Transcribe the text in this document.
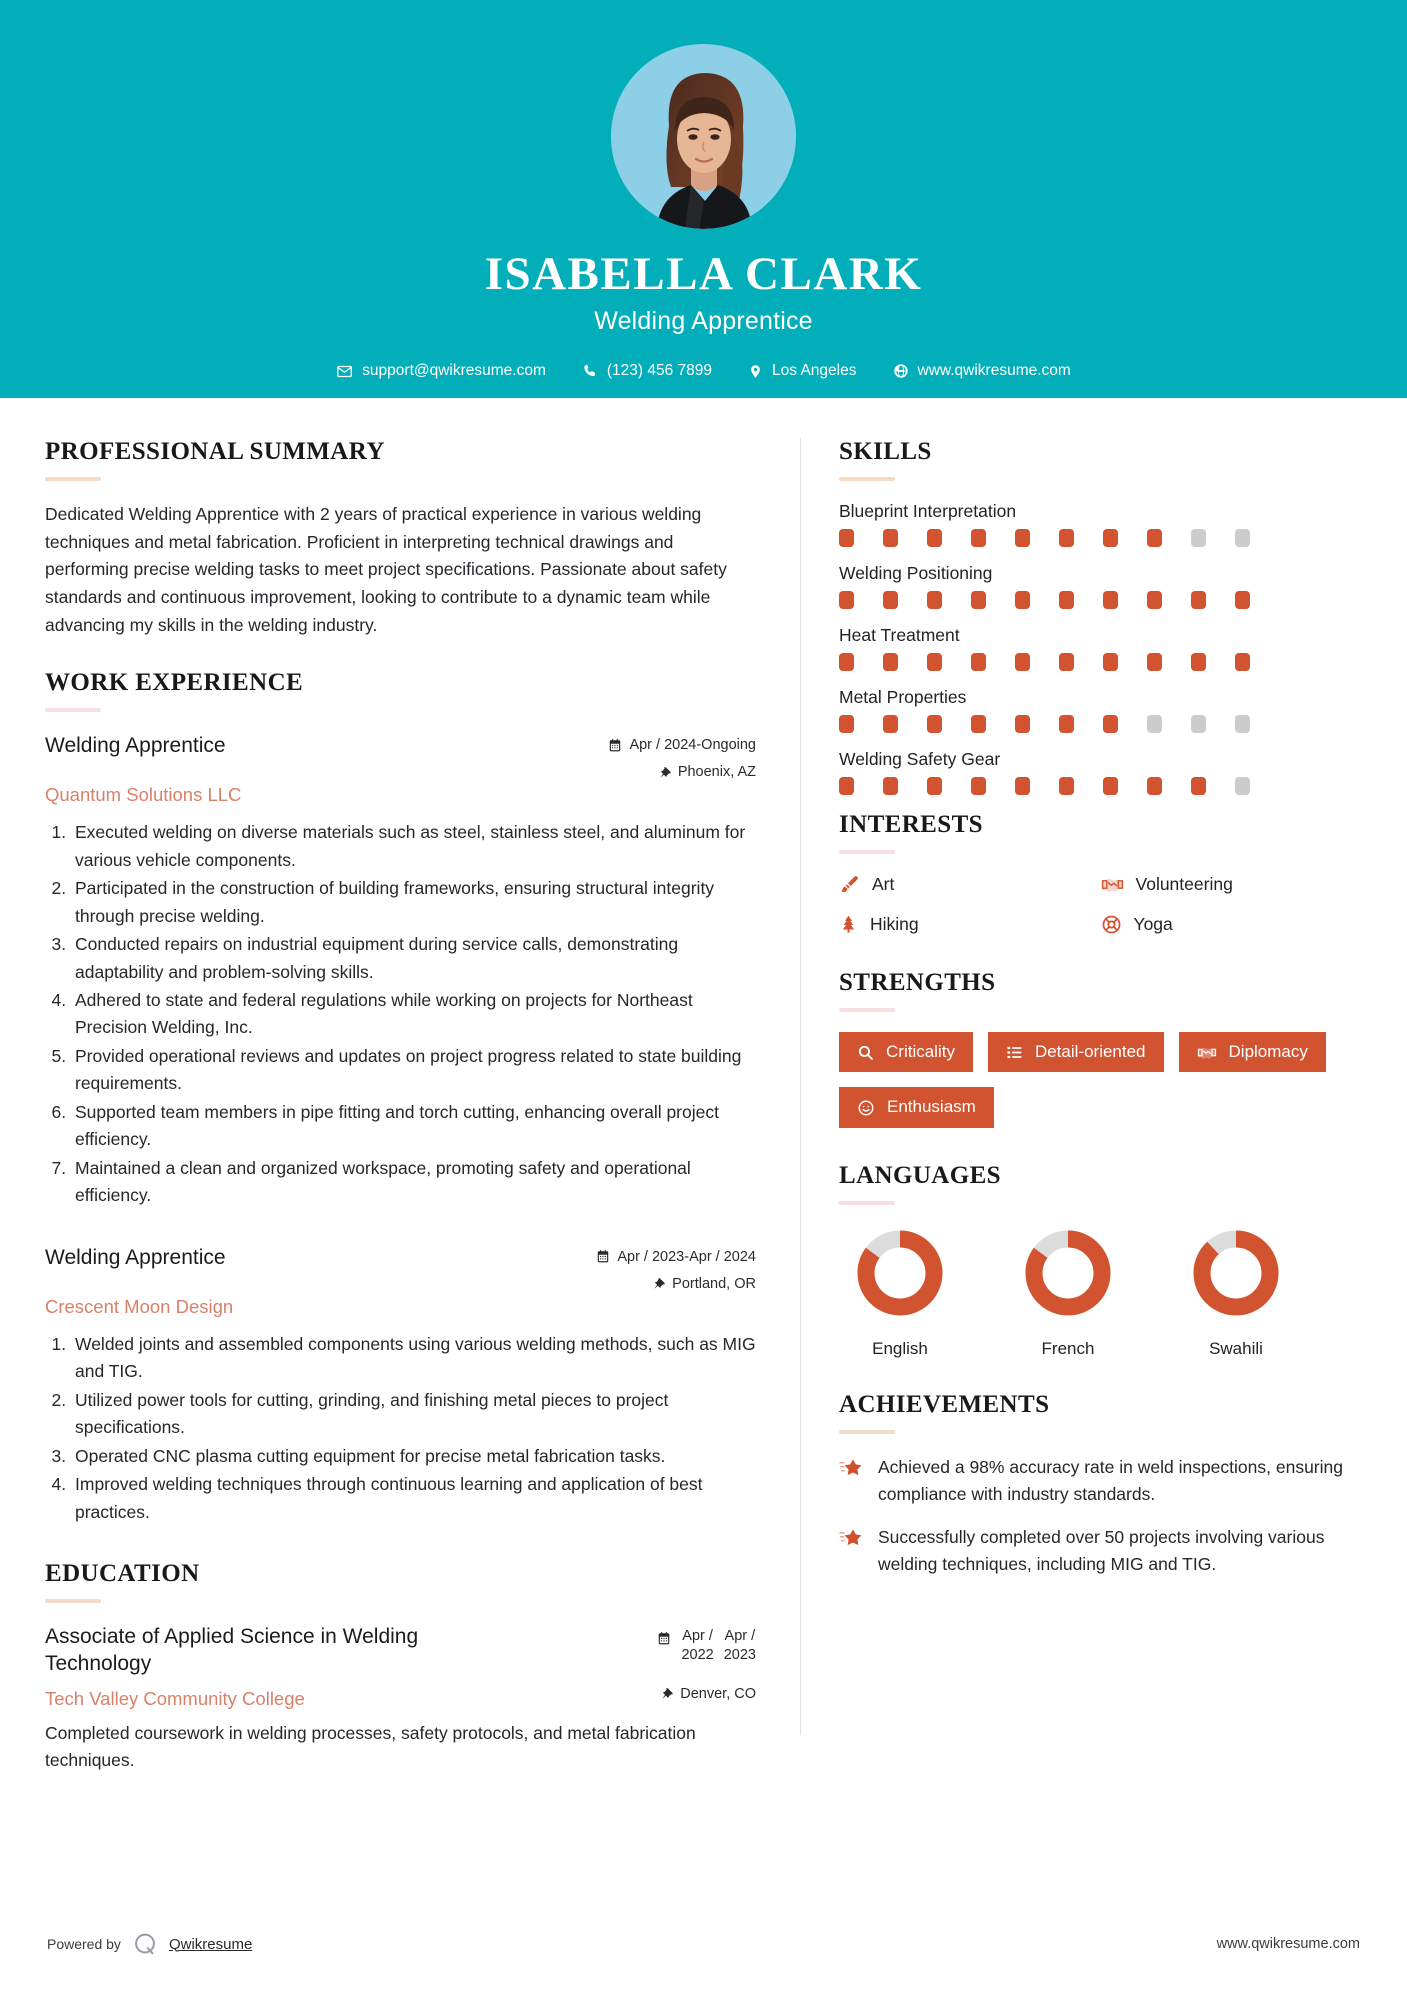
ISABELLA CLARK
Welding Apprentice
support@qwikresume.com	(123) 456 7899	Los Angeles	www.qwikresume.com
PROFESSIONAL SUMMARY

Dedicated Welding Apprentice with 2 years of practical experience in various welding techniques and metal fabrication. Proficient in interpreting technical drawings and performing precise welding tasks to meet project specifications. Passionate about safety standards and continuous improvement, looking to contribute to a dynamic team while advancing my skills in the welding industry.

WORK EXPERIENCE
Welding Apprentice	Apr / 2024-Ongoing
Phoenix, AZ
Quantum Solutions LLC
1. Executed welding on diverse materials such as steel, stainless steel, and aluminum for various vehicle components.
2. Participated in the construction of building frameworks, ensuring structural integrity through precise welding.
3. Conducted repairs on industrial equipment during service calls, demonstrating adaptability and problem-solving skills.
4. Adhered to state and federal regulations while working on projects for Northeast Precision Welding, Inc.
5. Provided operational reviews and updates on project progress related to state building requirements.
6. Supported team members in pipe fitting and torch cutting, enhancing overall project efficiency.
7. Maintained a clean and organized workspace, promoting safety and operational efficiency.
Welding Apprentice	Apr / 2023-Apr / 2024
Portland, OR
Crescent Moon Design
1. Welded joints and assembled components using various welding methods, such as MIG and TIG.
2. Utilized power tools for cutting, grinding, and finishing metal pieces to project specifications.
3. Operated CNC plasma cutting equipment for precise metal fabrication tasks.
4. Improved welding techniques through continuous learning and application of best practices.
EDUCATION
Associate of Applied Science in Welding Technology
Apr /
2022
Apr /
2023
Tech Valley Community College	Denver, CO
Completed coursework in welding processes, safety protocols, and metal fabrication techniques.
SKILLS
Blueprint Interpretation
Welding Positioning
Heat Treatment
Metal Properties
Welding Safety Gear
INTERESTS
Art	Volunteering
Hiking	Yoga
STRENGTHS
Criticality	Detail-oriented	Diplomacy
Enthusiasm
LANGUAGES
English	French	Swahili
ACHIEVEMENTS
Achieved a 98% accuracy rate in weld inspections, ensuring compliance with industry standards.
Successfully completed over 50 projects involving various welding techniques, including MIG and TIG.
Powered by	Qwikresume	www.qwikresume.com
